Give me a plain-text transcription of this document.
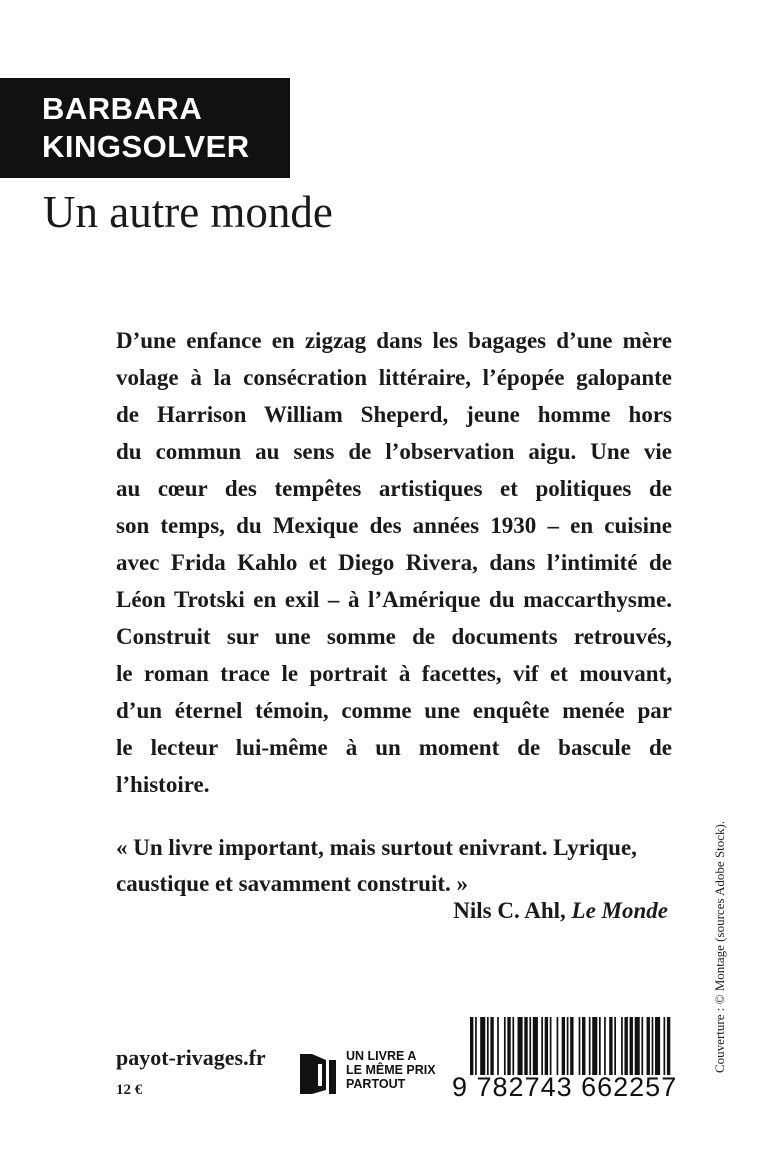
BARBARA
KINGSOLVER
Un autre monde
D’une enfance en zigzag dans les bagages d’une mère
volage à la consécration littéraire, l’épopée galopante
de Harrison William Sheperd, jeune homme hors
du commun au sens de l’observation aigu. Une vie
au cœur des tempêtes artistiques et politiques de
son temps, du Mexique des années 1930 – en cuisine
avec Frida Kahlo et Diego Rivera, dans l’intimité de
Léon Trotski en exil – à l’Amérique du maccarthysme.
Construit sur une somme de documents retrouvés,
le roman trace le portrait à facettes, vif et mouvant,
d’un éternel témoin, comme une enquête menée par
le lecteur lui-même à un moment de bascule de
l’histoire.
« Un livre important, mais surtout enivrant. Lyrique,
caustique et savamment construit. »
Nils C. Ahl, Le Monde
payot-rivages.fr
12 €
UN LIVRE A
LE MÊME PRIX
PARTOUT	9 782743 662257
Couverture : © Montage (sources Adobe Stock).
